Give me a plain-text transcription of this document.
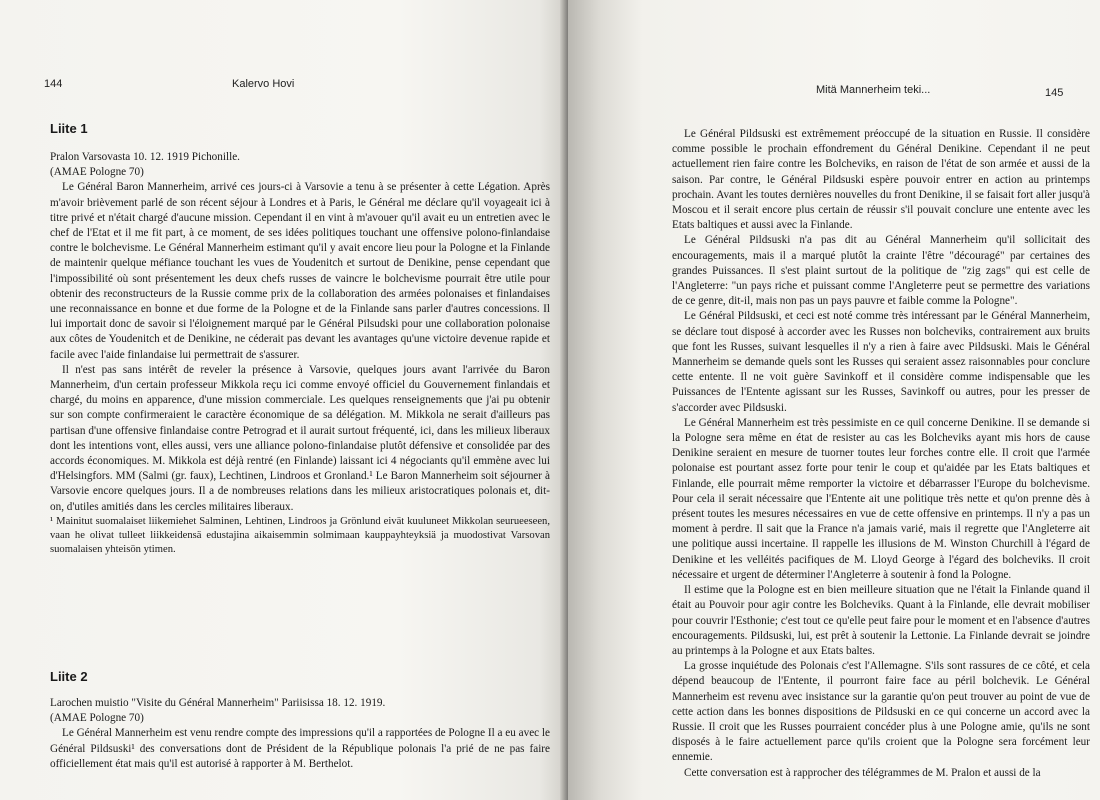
144	Kalervo Hovi
Liite 1

Pralon Varsovasta 10. 12. 1919 Pichonille.

(AMAE Pologne 70)

Le Général Baron Mannerheim, arrivé ces jours-ci à Varsovie a tenu à se présenter à cette Légation. Après m'avoir brièvement parlé de son récent séjour à Londres et à Paris, le Général me déclare qu'il voyageait ici à titre privé et n'était chargé d'aucune mission. Cependant il en vint à m'avouer qu'il avait eu un entretien avec le chef de l'Etat et il me fit part, à ce moment, de ses idées politiques touchant une offensive polono-finlandaise contre le bolchevisme. Le Général Mannerheim estimant qu'il y avait encore lieu pour la Pologne et la Finlande de maintenir quelque méfiance touchant les vues de Youdenitch et surtout de Denikine, pense cependant que l'impossibilité où sont présentement les deux chefs russes de vaincre le bolchevisme pourrait être utile pour obtenir des reconstructeurs de la Russie comme prix de la collaboration des armées polonaises et finlandaises une reconnaissance en bonne et due forme de la Pologne et de la Finlande sans parler d'autres concessions. Il lui importait donc de savoir si l'éloignement marqué par le Général Pilsudski pour une collaboration polonaise aux côtes de Youdenitch et de Denikine, ne céderait pas devant les avantages qu'une victoire devenue rapide et facile avec l'aide finlandaise lui permettrait de s'assurer.

Il n'est pas sans intérêt de reveler la présence à Varsovie, quelques jours avant l'arrivée du Baron Mannerheim, d'un certain professeur Mikkola reçu ici comme envoyé officiel du Gouvernement finlandais et chargé, du moins en apparence, d'une mission commerciale. Les quelques renseignements que j'ai pu obtenir sur son compte confirmeraient le caractère économique de sa délégation. M. Mikkola ne serait d'ailleurs pas partisan d'une offensive finlandaise contre Petrograd et il aurait surtout fréquenté, ici, dans les milieux liberaux dont les intentions vont, elles aussi, vers une alliance polono-finlandaise plutôt défensive et consolidée par des accords économiques. M. Mikkola est déjà rentré (en Finlande) laissant ici 4 négociants qu'il emmène avec lui d'Helsingfors. MM (Salmi (gr. faux), Lechtinen, Lindroos et Gronland.¹ Le Baron Mannerheim soit séjourner à Varsovie encore quelques jours. Il a de nombreuses relations dans les milieux aristocratiques polonais et, dit-on, d'utiles amitiés dans les cercles militaires liberaux.

¹ Mainitut suomalaiset liikemiehet Salminen, Lehtinen, Lindroos ja Grönlund eivät kuuluneet Mikkolan seurueeseen, vaan he olivat tulleet liikkeidensä edustajina aikaisemmin solmimaan kauppayhteyksiä ja muodostivat Varsovan suomalaisen yhteisön ytimen.

Liite 2

Larochen muistio "Visite du Général Mannerheim" Pariisissa 18. 12. 1919.

(AMAE Pologne 70)

Le Général Mannerheim est venu rendre compte des impressions qu'il a rapportées de Pologne Il a eu avec le Général Pildsuski¹ des conversations dont de Président de la République polonais l'a prié de ne pas faire officiellement état mais qu'il est autorisé à rapporter à M. Berthelot.

Mitä Mannerheim teki...	145

Le Général Pildsuski est extrêmement préoccupé de la situation en Russie. Il considère comme possible le prochain effondrement du Général Denikine. Cependant il ne peut actuellement rien faire contre les Bolcheviks, en raison de l'état de son armée et aussi de la saison. Par contre, le Général Pildsuski espère pouvoir entrer en action au printemps prochain. Avant les toutes dernières nouvelles du front Denikine, il se faisait fort aller jusqu'à Moscou et il serait encore plus certain de réussir s'il pouvait conclure une entente avec les Etats baltiques et aussi avec la Finlande.

Le Général Pildsuski n'a pas dit au Général Mannerheim qu'il sollicitait des encouragements, mais il a marqué plutôt la crainte l'être "découragé" par certaines des grandes Puissances. Il s'est plaint surtout de la politique de "zig zags" qui est celle de l'Angleterre: "un pays riche et puissant comme l'Angleterre peut se permettre des variations de ce genre, dit-il, mais non pas un pays pauvre et faible comme la Pologne".

Le Général Pildsuski, et ceci est noté comme très intéressant par le Général Mannerheim, se déclare tout disposé à accorder avec les Russes non bolcheviks, contrairement aux bruits que font les Russes, suivant lesquelles il n'y a rien à faire avec Pildsuski. Mais le Général Mannerheim se demande quels sont les Russes qui seraient assez raisonnables pour conclure cette entente. Il ne voit guère Savinkoff et il considère comme indispensable que les Puissances de l'Entente agissant sur les Russes, Savinkoff ou autres, pour les presser de s'accorder avec Pildsuski.

Le Général Mannerheim est très pessimiste en ce quil concerne Denikine. Il se demande si la Pologne sera même en état de resister au cas les Bolcheviks ayant mis hors de cause Denikine seraient en mesure de tuorner toutes leur forches contre elle. Il croit que l'armée polonaise est pourtant assez forte pour tenir le coup et qu'aidée par les Etats baltiques et Finlande, elle pourrait même remporter la victoire et débarrasser l'Europe du bolchevisme. Pour cela il serait nécessaire que l'Entente ait une politique très nette et qu'on prenne dès à présent toutes les mesures nécessaires en vue de cette offensive en printemps. Il n'y a pas un moment à perdre. Il sait que la France n'a jamais varié, mais il regrette que l'Angleterre ait une politique aussi incertaine. Il rappelle les illusions de M. Winston Churchill à l'égard de Denikine et les velléités pacifiques de M. Lloyd George à l'égard des bolcheviks. Il croit nécessaire et urgent de déterminer l'Angleterre à soutenir à fond la Pologne.

Il estime que la Pologne est en bien meilleure situation que ne l'était la Finlande quand il était au Pouvoir pour agir contre les Bolcheviks. Quant à la Finlande, elle devrait mobiliser pour couvrir l'Esthonie; c'est tout ce qu'elle peut faire pour le moment et en l'absence d'autres encouragements. Pildsuski, lui, est prêt à soutenir la Lettonie. La Finlande devrait se joindre au printemps à la Pologne et aux Etats baltes.

La grosse inquiétude des Polonais c'est l'Allemagne. S'ils sont rassures de ce côté, et cela dépend beaucoup de l'Entente, il pourront faire face au péril bolchevik. Le Général Mannerheim est revenu avec insistance sur la garantie qu'on peut trouver au point de vue de cette action dans les bonnes dispositions de Pildsuski en ce qui concerne un accord avec la Russie. Il croit que les Russes pourraient concéder plus à une Pologne amie, qu'ils ne sont disposés à le faire actuellement parce qu'ils croient que la Pologne sera forcément leur ennemie.

Cette conversation est à rapprocher des télégrammes de M. Pralon et aussi de la
